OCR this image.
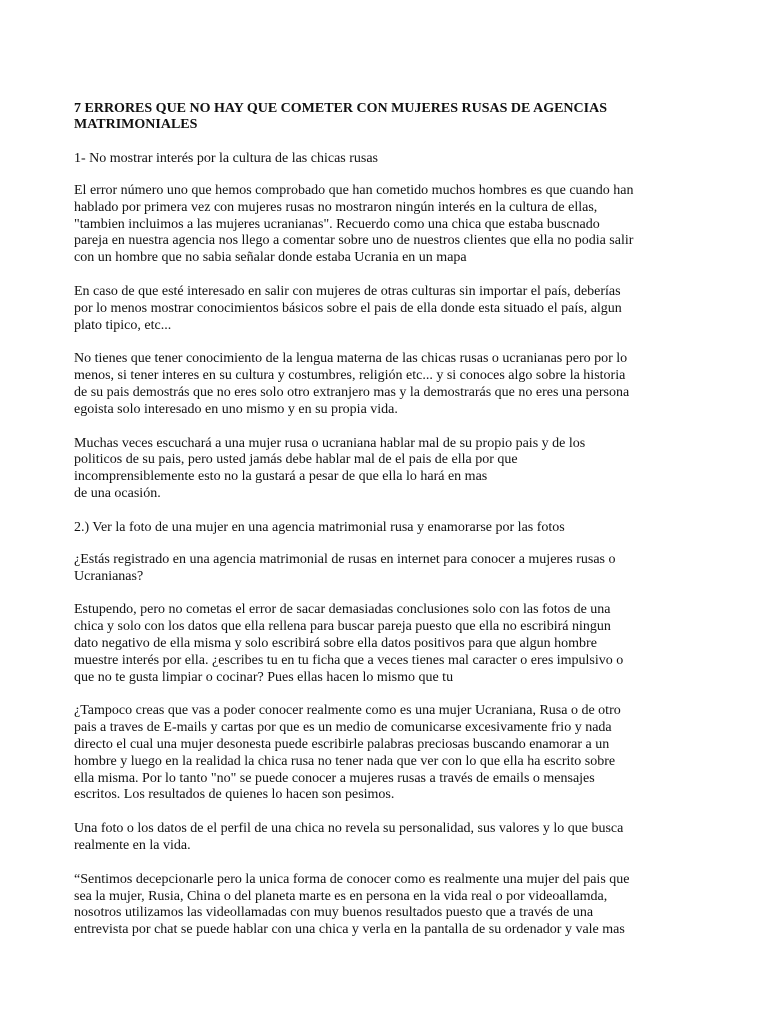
7 ERRORES QUE NO HAY QUE COMETER CON MUJERES RUSAS DE AGENCIAS MATRIMONIALES
1- No mostrar interés por la cultura de las chicas rusas
El error número uno que hemos comprobado que han cometido muchos hombres es que cuando han
hablado por primera vez con mujeres rusas no mostraron ningún interés en la cultura de ellas,
"tambien incluimos a las mujeres ucranianas". Recuerdo como una chica que estaba buscnado
pareja en nuestra agencia nos llego a comentar sobre uno de nuestros clientes que ella no podia salir
con un hombre que no sabia señalar donde estaba Ucrania en un mapa
En caso de que esté interesado en salir con mujeres de otras culturas sin importar el país, deberías
por lo menos mostrar conocimientos básicos sobre el pais de ella donde esta situado el país, algun
plato tipico, etc...
No tienes que tener conocimiento de la lengua materna de las chicas rusas o ucranianas pero por lo
menos, si tener interes en su cultura y costumbres, religión etc... y si conoces algo sobre la historia
de su pais demostrás que no eres solo otro extranjero mas y la demostrarás que no eres una persona
egoista solo interesado en uno mismo y en su propia vida.
Muchas veces escuchará a una mujer rusa o ucraniana hablar mal de su propio pais y de los
politicos de su pais, pero usted jamás debe hablar mal de el pais de ella por que
incomprensiblemente esto no la gustará a pesar de que ella lo hará en mas
de una ocasión.
2.) Ver la foto de una mujer en una agencia matrimonial rusa y enamorarse por las fotos
¿Estás registrado en una agencia matrimonial de rusas en internet para conocer a mujeres rusas o
Ucranianas?
Estupendo, pero no cometas el error de sacar demasiadas conclusiones solo con las fotos de una
chica y solo con los datos que ella rellena para buscar pareja puesto que ella no escribirá ningun
dato negativo de ella misma y solo escribirá sobre ella datos positivos para que algun hombre
muestre interés por ella. ¿escribes tu en tu ficha que a veces tienes mal caracter o eres impulsivo o
que no te gusta limpiar o cocinar? Pues ellas hacen lo mismo que tu
¿Tampoco creas que vas a poder conocer realmente como es una mujer Ucraniana, Rusa o de otro
pais a traves de E-mails y cartas por que es un medio de comunicarse excesivamente frio y nada
directo el cual una mujer desonesta puede escribirle palabras preciosas buscando enamorar a un
hombre y luego en la realidad la chica rusa no tener nada que ver con lo que ella ha escrito sobre
ella misma. Por lo tanto "no" se puede conocer a mujeres rusas a través de emails o mensajes
escritos. Los resultados de quienes lo hacen son pesimos.
Una foto o los datos de el perfil de una chica no revela su personalidad, sus valores y lo que busca
realmente en la vida.
“Sentimos decepcionarle pero la unica forma de conocer como es realmente una mujer del pais que
sea la mujer, Rusia, China o del planeta marte es en persona en la vida real o por videoallamda,
nosotros utilizamos las videollamadas con muy buenos resultados puesto que a través de una
entrevista por chat se puede hablar con una chica y verla en la pantalla de su ordenador y vale mas
